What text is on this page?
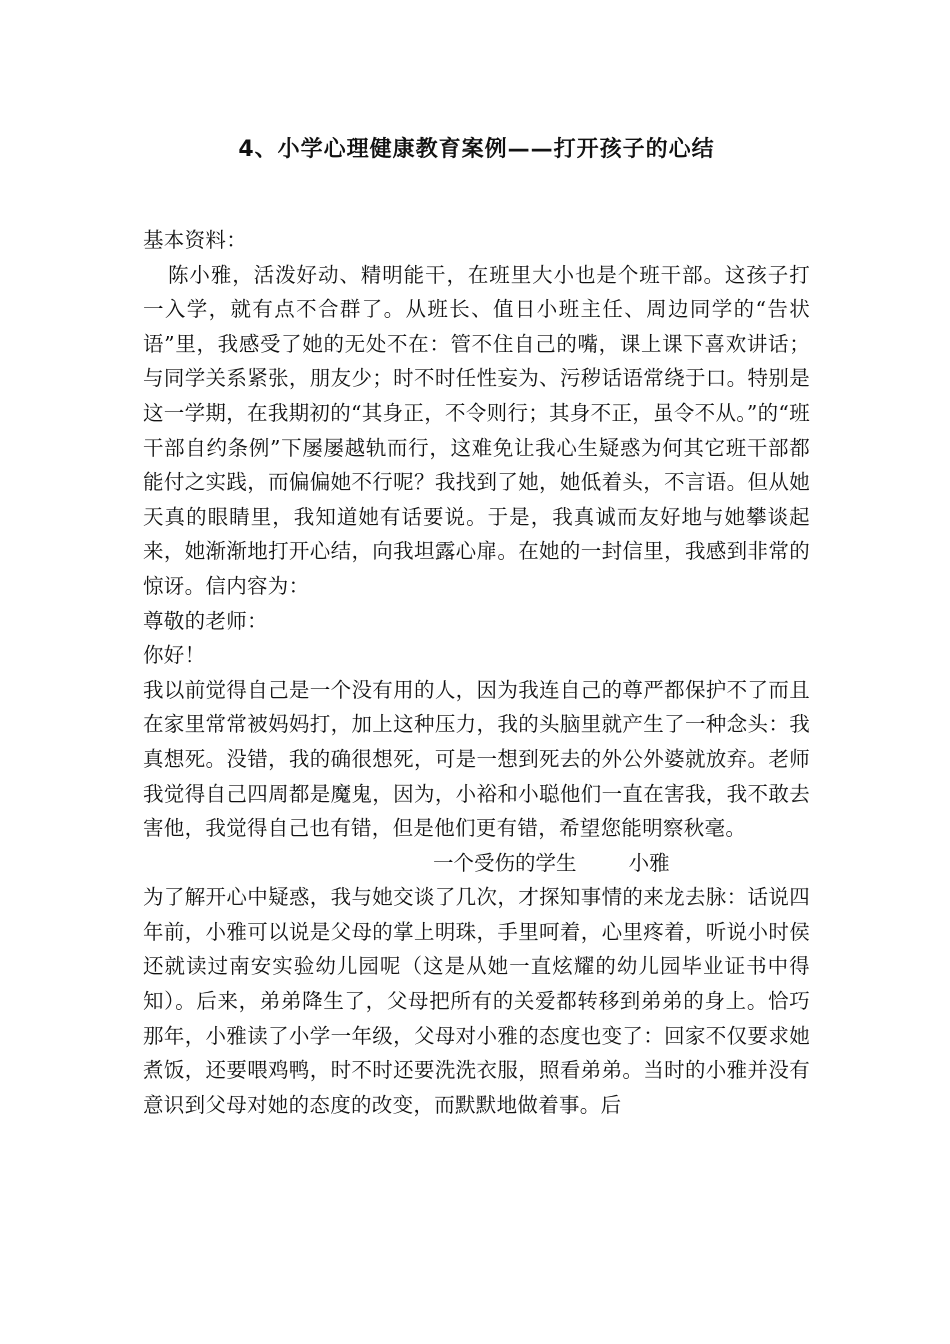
4、小学心理健康教育案例——打开孩子的心结

基本资料：

陈小雅，活泼好动、精明能干，在班里大小也是个班干部。这孩子打一入学，就有点不合群了。从班长、值日小班主任、周边同学的“告状语”里，我感受了她的无处不在：管不住自己的嘴，课上课下喜欢讲话；与同学关系紧张，朋友少；时不时任性妄为、污秽话语常绕于口。特别是这一学期，在我期初的“其身正，不令则行；其身不正，虽令不从。”的“班干部自约条例”下屡屡越轨而行，这难免让我心生疑惑为何其它班干部都能付之实践，而偏偏她不行呢？我找到了她，她低着头，不言语。但从她天真的眼睛里，我知道她有话要说。于是，我真诚而友好地与她攀谈起来，她渐渐地打开心结，向我坦露心扉。在她的一封信里，我感到非常的惊讶。信内容为：

尊敬的老师：

你好！

我以前觉得自己是一个没有用的人，因为我连自己的尊严都保护不了而且在家里常常被妈妈打，加上这种压力，我的头脑里就产生了一种念头：我真想死。没错，我的确很想死，可是一想到死去的外公外婆就放弃。老师我觉得自己四周都是魔鬼，因为，小裕和小聪他们一直在害我，我不敢去害他，我觉得自己也有错，但是他们更有错，希望您能明察秋毫。

一个受伤的学生        小雅

为了解开心中疑惑，我与她交谈了几次，才探知事情的来龙去脉：话说四年前，小雅可以说是父母的掌上明珠，手里呵着，心里疼着，听说小时侯还就读过南安实验幼儿园呢（这是从她一直炫耀的幼儿园毕业证书中得知）。后来，弟弟降生了，父母把所有的关爱都转移到弟弟的身上。恰巧那年，小雅读了小学一年级，父母对小雅的态度也变了：回家不仅要求她煮饭，还要喂鸡鸭，时不时还要洗洗衣服，照看弟弟。当时的小雅并没有意识到父母对她的态度的改变，而默默地做着事。后
